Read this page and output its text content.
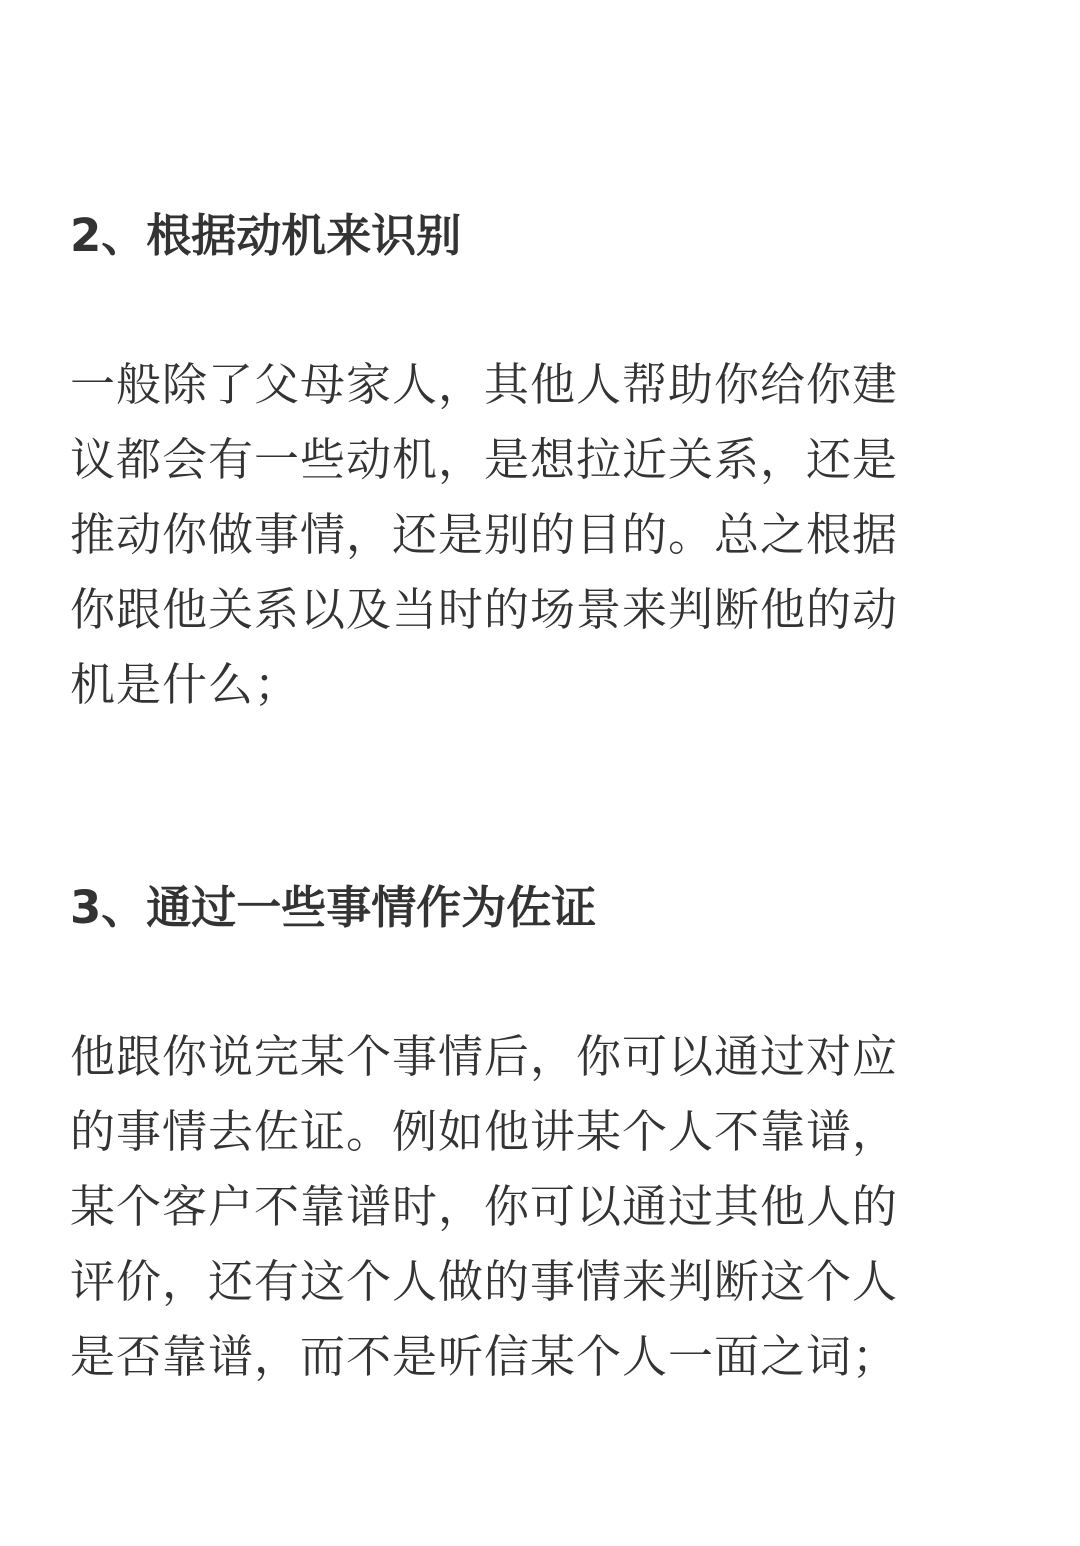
2、根据动机来识别
一般除了父母家人，其他人帮助你给你建
议都会有一些动机，是想拉近关系，还是
推动你做事情，还是别的目的。总之根据
你跟他关系以及当时的场景来判断他的动
机是什么；
3、通过一些事情作为佐证
他跟你说完某个事情后，你可以通过对应
的事情去佐证。例如他讲某个人不靠谱，
某个客户不靠谱时，你可以通过其他人的
评价，还有这个人做的事情来判断这个人
是否靠谱，而不是听信某个人一面之词；
